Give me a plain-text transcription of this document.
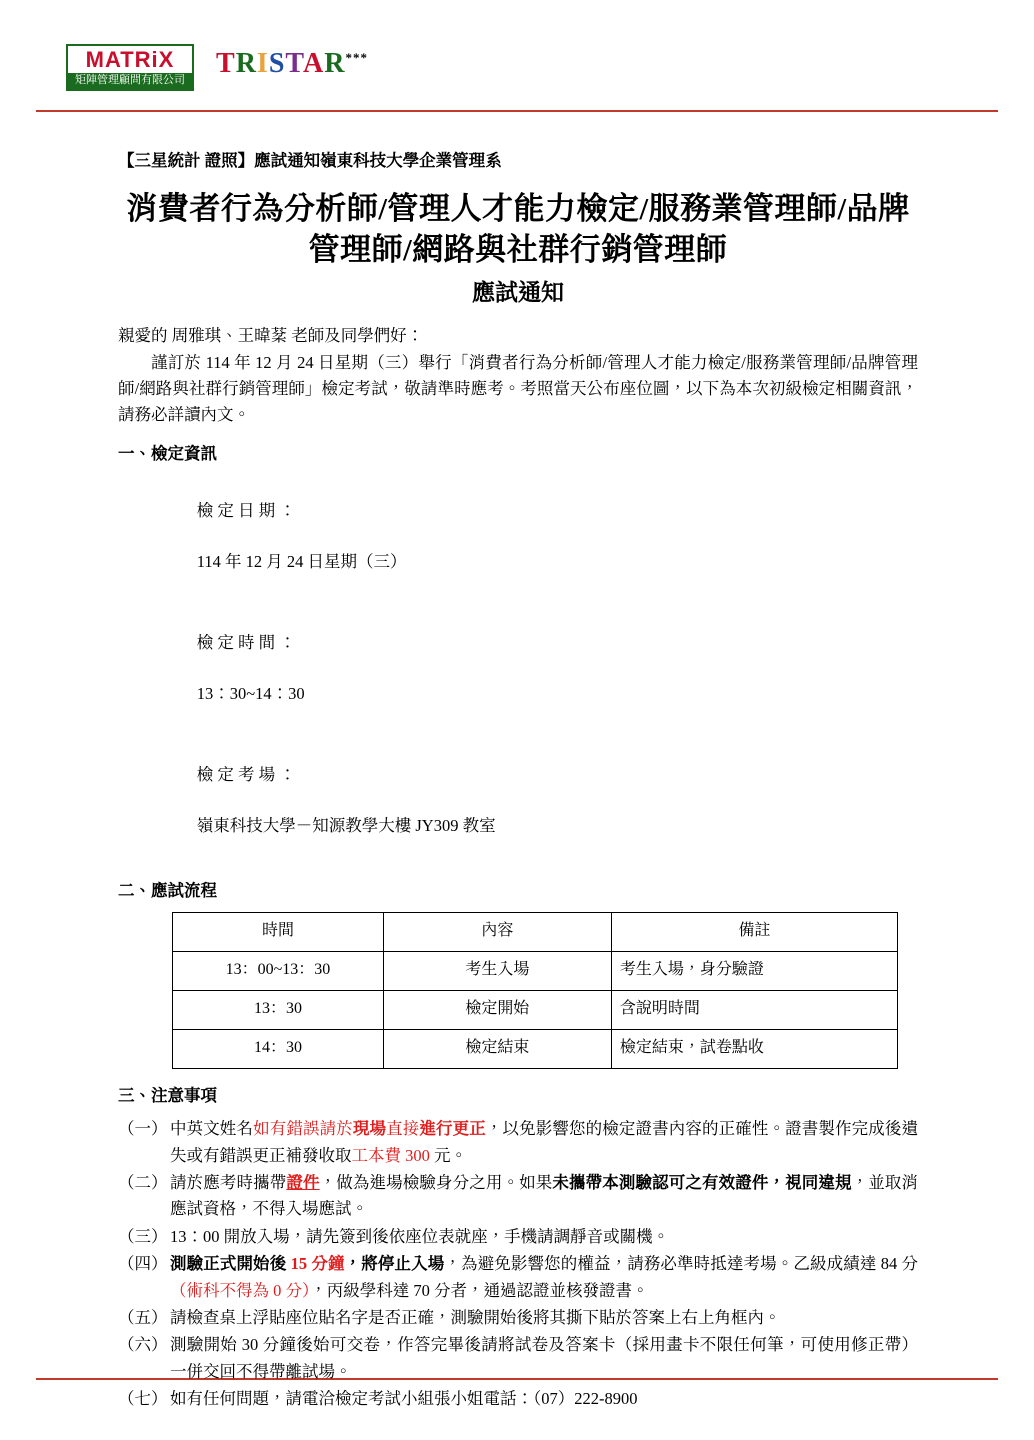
MATRiX
矩陣管理顧問有限公司
TRISTAR***
【三星統計 證照】應試通知嶺東科技大學企業管理系
消費者行為分析師/管理人才能力檢定/服務業管理師/品牌管理師/網路與社群行銷管理師
應試通知
親愛的 周雅琪、王暐棻 老師及同學們好：
謹訂於 114 年 12 月 24 日星期（三）舉行「消費者行為分析師/管理人才能力檢定/服務業管理師/品牌管理師/網路與社群行銷管理師」檢定考試，敬請準時應考。考照當天公布座位圖，以下為本次初級檢定相關資訊，請務必詳讀內文。
一、檢定資訊

檢 定 日 期 ：

114 年 12 月 24 日星期（三）

檢 定 時 間 ：

13：30~14：30

檢 定 考 場 ：

嶺東科技大學－知源教學大樓 JY309 教室

二、應試流程
時間	內容	備註
13：00~13：30	考生入場	考生入場，身分驗證
13：30	檢定開始	含說明時間
14：30	檢定結束	檢定結束，試卷點收
三、注意事項
（一） 中英文姓名如有錯誤請於現場直接進行更正，以免影響您的檢定證書內容的正確性。證書製作完成後遺失或有錯誤更正補發收取工本費 300 元。
（二） 請於應考時攜帶證件，做為進場檢驗身分之用。如果未攜帶本測驗認可之有效證件，視同違規，並取消應試資格，不得入場應試。
（三） 13：00 開放入場，請先簽到後依座位表就座，手機請調靜音或關機。
（四） 測驗正式開始後 15 分鐘，將停止入場，為避免影響您的權益，請務必準時抵達考場。乙級成績達 84 分（術科不得為 0 分），丙級學科達 70 分者，通過認證並核發證書。
（五） 請檢查桌上浮貼座位貼名字是否正確，測驗開始後將其撕下貼於答案上右上角框內。
（六） 測驗開始 30 分鐘後始可交卷，作答完畢後請將試卷及答案卡（採用畫卡不限任何筆，可使用修正帶）一併交回不得帶離試場。
（七） 如有任何問題，請電洽檢定考試小組張小姐電話：（07）222-8900
